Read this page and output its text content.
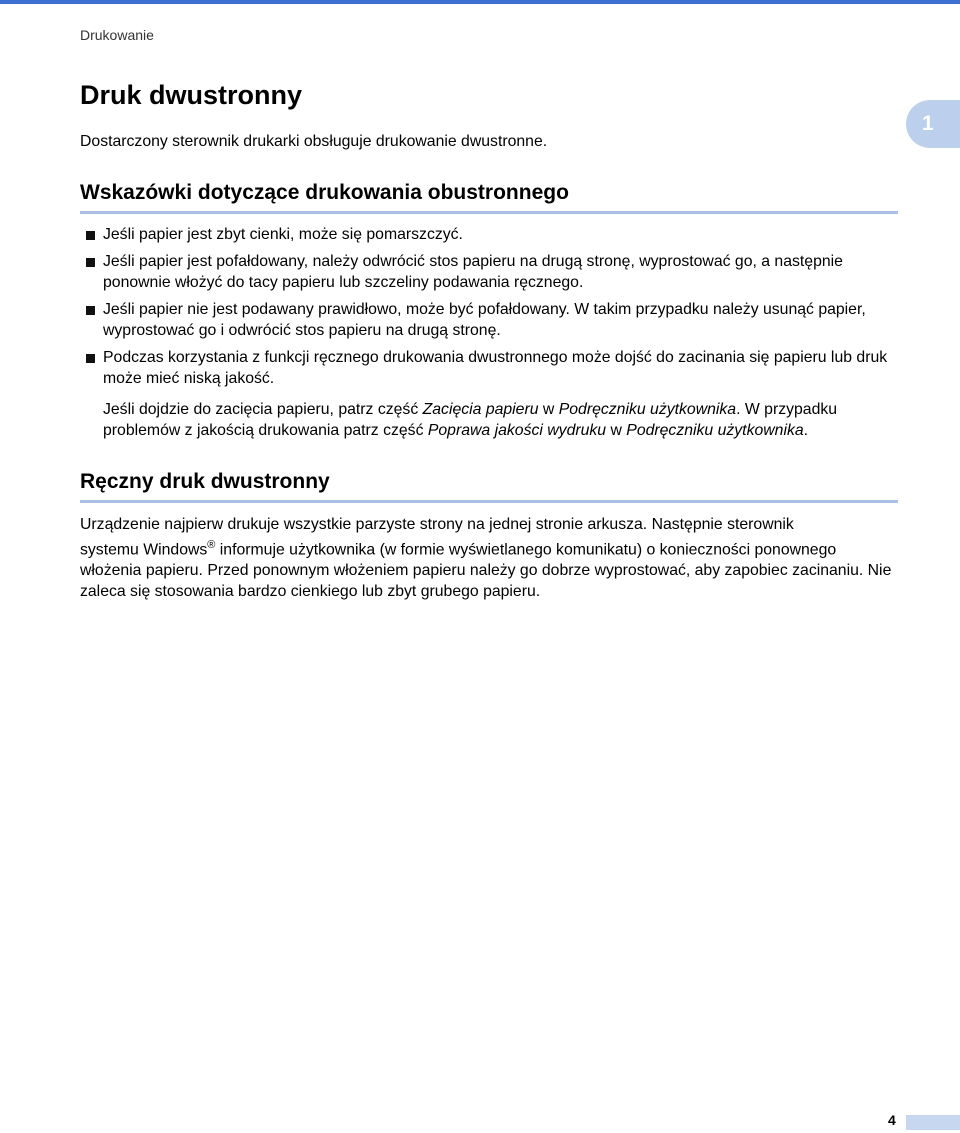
Drukowanie
1
Druk dwustronny

Dostarczony sterownik drukarki obsługuje drukowanie dwustronne.

Wskazówki dotyczące drukowania obustronnego
Jeśli papier jest zbyt cienki, może się pomarszczyć.
Jeśli papier jest pofałdowany, należy odwrócić stos papieru na drugą stronę, wyprostować go, a następnie ponownie włożyć do tacy papieru lub szczeliny podawania ręcznego.
Jeśli papier nie jest podawany prawidłowo, może być pofałdowany. W takim przypadku należy usunąć papier, wyprostować go i odwrócić stos papieru na drugą stronę.
Podczas korzystania z funkcji ręcznego drukowania dwustronnego może dojść do zacinania się papieru lub druk może mieć niską jakość.

Jeśli dojdzie do zacięcia papieru, patrz część Zacięcia papieru w Podręczniku użytkownika. W przypadku problemów z jakością drukowania patrz część Poprawa jakości wydruku w Podręczniku użytkownika.

Ręczny druk dwustronny

Urządzenie najpierw drukuje wszystkie parzyste strony na jednej stronie arkusza. Następnie sterownik
systemu Windows® informuje użytkownika (w formie wyświetlanego komunikatu) o konieczności ponownego włożenia papieru. Przed ponownym włożeniem papieru należy go dobrze wyprostować, aby zapobiec zacinaniu. Nie zaleca się stosowania bardzo cienkiego lub zbyt grubego papieru.

4
